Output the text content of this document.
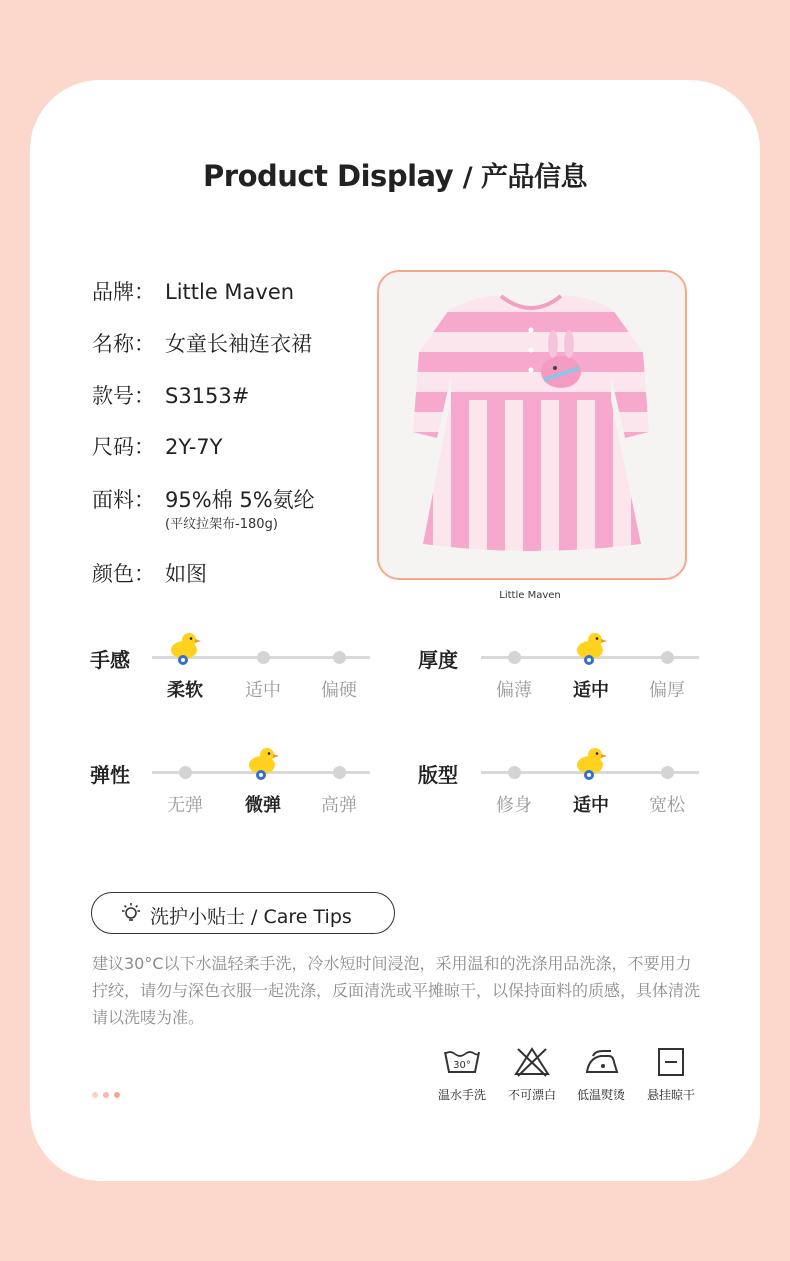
Product Display / 产品信息
品牌： Little Maven
名称： 女童长袖连衣裙
款号： S3153#
尺码： 2Y-7Y
面料： 95%棉 5%氨纶
(平纹拉架布-180g)
颜色： 如图
Little Maven
手感
柔软	适中	偏硬
厚度
偏薄	适中	偏厚
弹性
无弹	微弹	高弹
版型
修身	适中	宽松
洗护小贴士 / Care Tips
建议30°C以下水温轻柔手洗，冷水短时间浸泡，采用温和的洗涤用品洗涤，不要用力拧绞，请勿与深色衣服一起洗涤，反面清洗或平摊晾干，以保持面料的质感，具体清洗请以洗唛为准。
30°
温水手洗	不可漂白	低温熨烫	悬挂晾干
